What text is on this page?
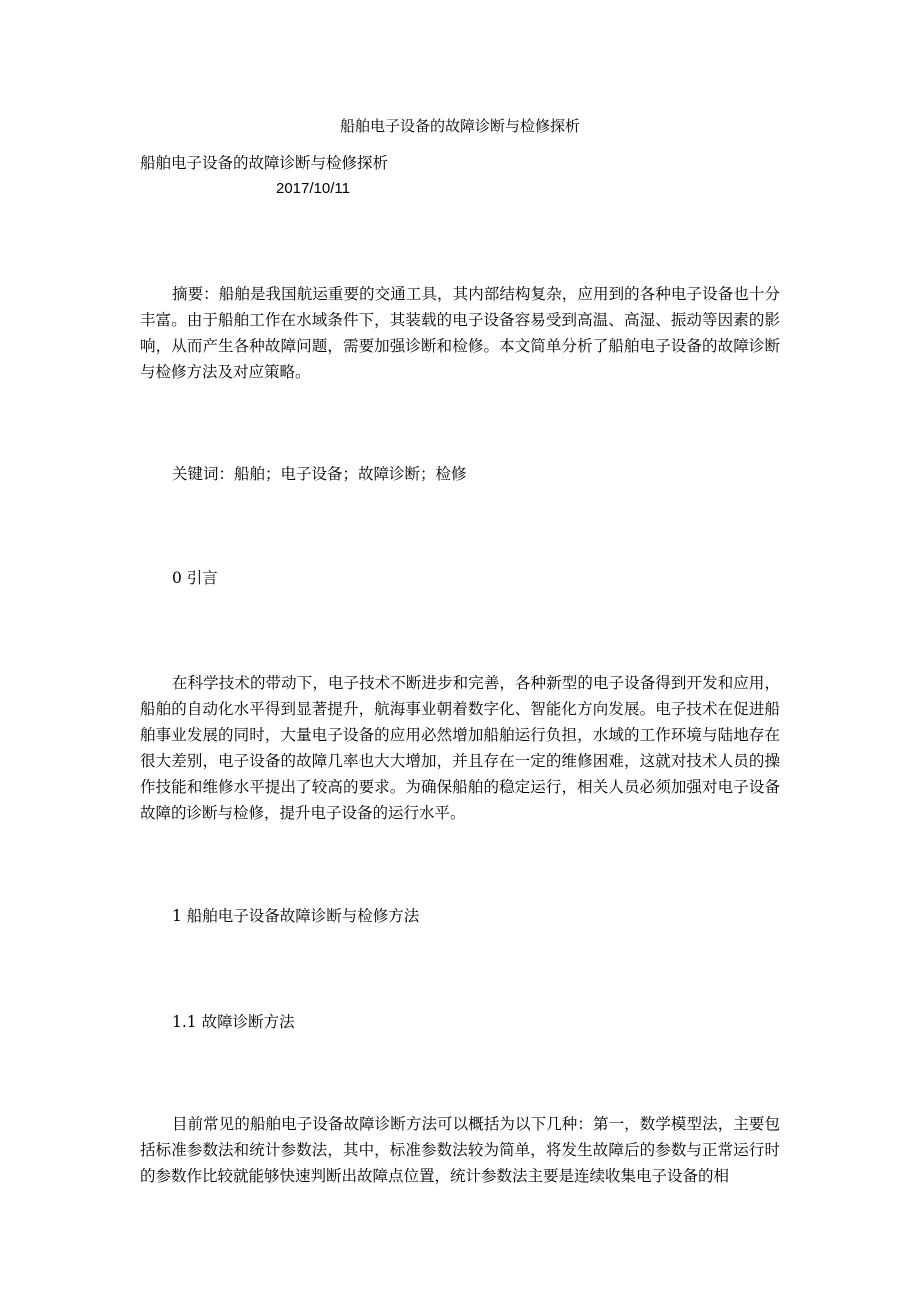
船舶电子设备的故障诊断与检修探析
船舶电子设备的故障诊断与检修探析
2017/10/11

摘要：船舶是我国航运重要的交通工具，其内部结构复杂，应用到的各种电子设备也十分丰富。由于船舶工作在水域条件下，其装载的电子设备容易受到高温、高湿、振动等因素的影响，从而产生各种故障问题，需要加强诊断和检修。本文简单分析了船舶电子设备的故障诊断与检修方法及对应策略。

关键词：船舶；电子设备；故障诊断；检修

0 引言

在科学技术的带动下，电子技术不断进步和完善，各种新型的电子设备得到开发和应用，船舶的自动化水平得到显著提升，航海事业朝着数字化、智能化方向发展。电子技术在促进船舶事业发展的同时，大量电子设备的应用必然增加船舶运行负担，水域的工作环境与陆地存在很大差别，电子设备的故障几率也大大增加，并且存在一定的维修困难，这就对技术人员的操作技能和维修水平提出了较高的要求。为确保船舶的稳定运行，相关人员必须加强对电子设备故障的诊断与检修，提升电子设备的运行水平。

1 船舶电子设备故障诊断与检修方法

1.1 故障诊断方法

目前常见的船舶电子设备故障诊断方法可以概括为以下几种：第一，数学模型法，主要包括标准参数法和统计参数法，其中，标准参数法较为简单，将发生故障后的参数与正常运行时的参数作比较就能够快速判断出故障点位置，统计参数法主要是连续收集电子设备的相
